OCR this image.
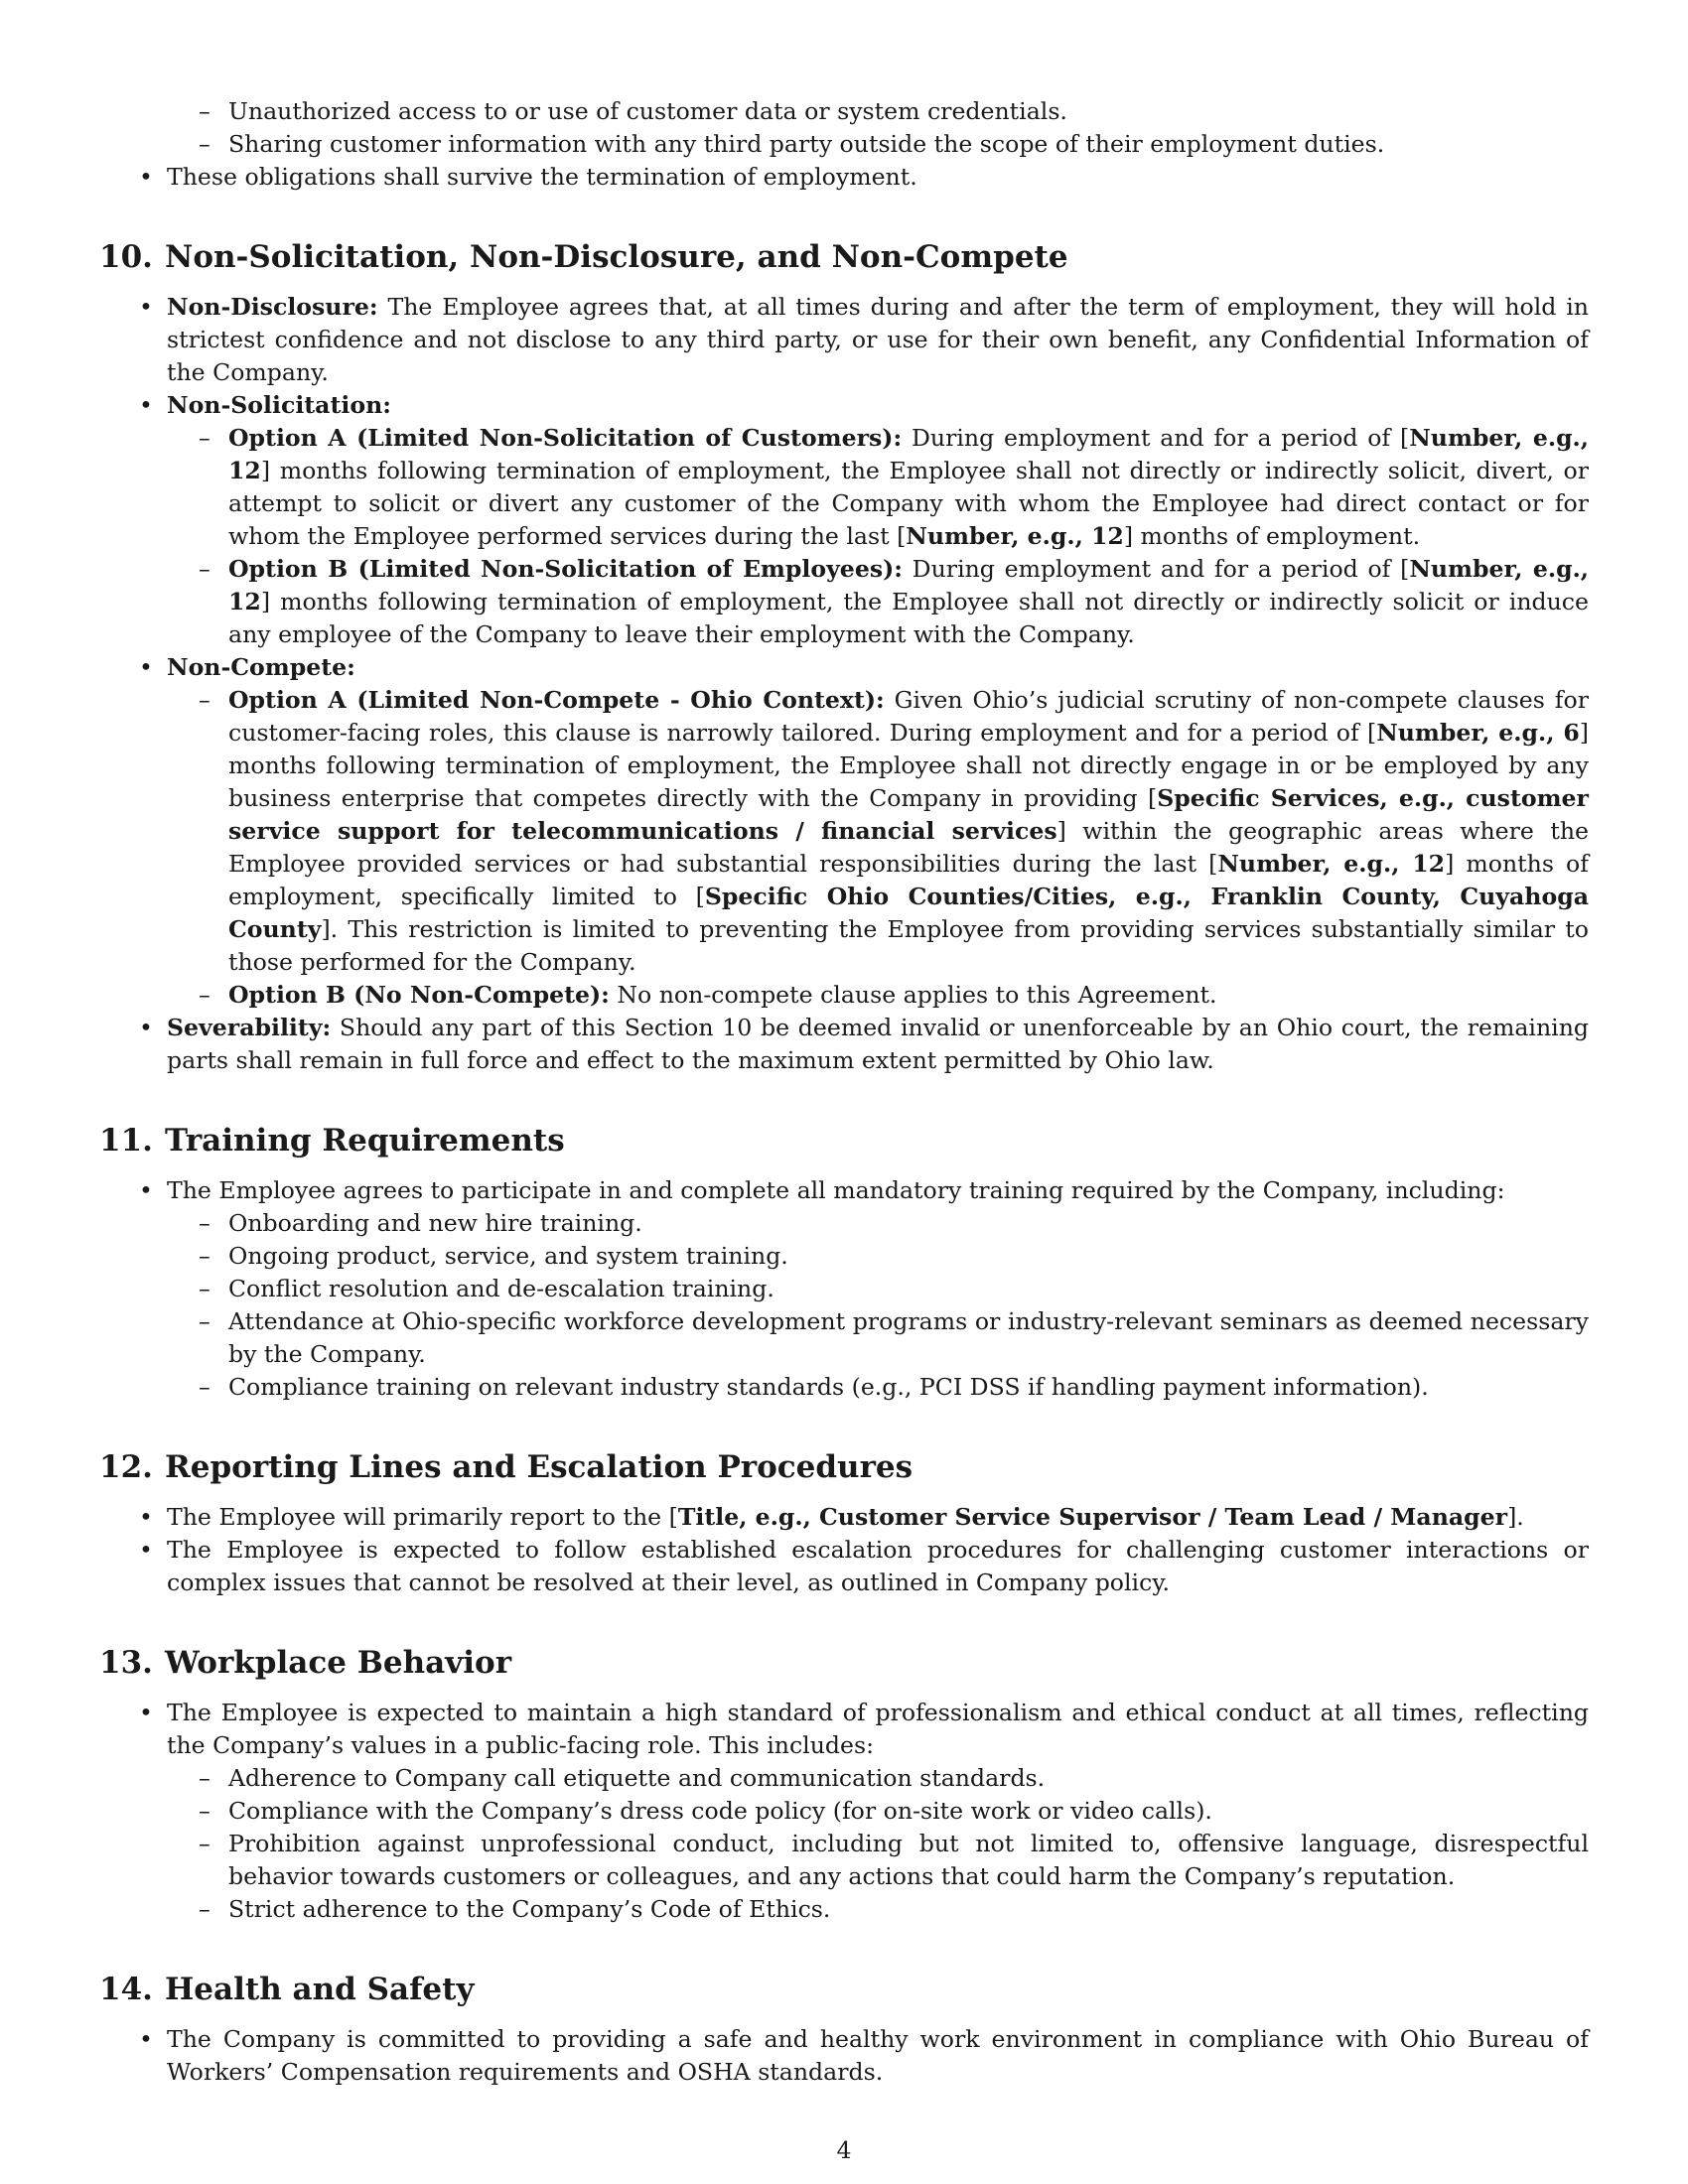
– Unauthorized access to or use of customer data or system credentials.
– Sharing customer information with any third party outside the scope of their employment duties.
• These obligations shall survive the termination of employment.
10. Non-Solicitation, Non-Disclosure, and Non-Compete
• Non-Disclosure: The Employee agrees that, at all times during and after the term of employment, they will hold in strictest confidence and not disclose to any third party, or use for their own benefit, any Confidential Information of the Company.
• Non-Solicitation:
– Option A (Limited Non-Solicitation of Customers): During employment and for a period of [Number, e.g., 12] months following termination of employment, the Employee shall not directly or indirectly solicit, divert, or attempt to solicit or divert any customer of the Company with whom the Employee had direct contact or for whom the Employee performed services during the last [Number, e.g., 12] months of employment.
– Option B (Limited Non-Solicitation of Employees): During employment and for a period of [Number, e.g., 12] months following termination of employment, the Employee shall not directly or indirectly solicit or induce any employee of the Company to leave their employment with the Company.
• Non-Compete:
– Option A (Limited Non-Compete - Ohio Context): Given Ohio’s judicial scrutiny of non-compete clauses for customer-facing roles, this clause is narrowly tailored. During employment and for a period of [Number, e.g., 6] months following termination of employment, the Employee shall not directly engage in or be employed by any business enterprise that competes directly with the Company in providing [Specific Services, e.g., customer service support for telecommunications / financial services] within the geographic areas where the Employee provided services or had substantial responsibilities during the last [Number, e.g., 12] months of employment, specifically limited to [Specific Ohio Counties/Cities, e.g., Franklin County, Cuyahoga County]. This restriction is limited to preventing the Employee from providing services substantially similar to those performed for the Company.
– Option B (No Non-Compete): No non-compete clause applies to this Agreement.
• Severability: Should any part of this Section 10 be deemed invalid or unenforceable by an Ohio court, the remaining parts shall remain in full force and effect to the maximum extent permitted by Ohio law.
11. Training Requirements
• The Employee agrees to participate in and complete all mandatory training required by the Company, including:
– Onboarding and new hire training.
– Ongoing product, service, and system training.
– Conflict resolution and de-escalation training.
– Attendance at Ohio-specific workforce development programs or industry-relevant seminars as deemed necessary by the Company.
– Compliance training on relevant industry standards (e.g., PCI DSS if handling payment information).
12. Reporting Lines and Escalation Procedures
• The Employee will primarily report to the [Title, e.g., Customer Service Supervisor / Team Lead / Manager].
• The Employee is expected to follow established escalation procedures for challenging customer interactions or complex issues that cannot be resolved at their level, as outlined in Company policy.
13. Workplace Behavior
• The Employee is expected to maintain a high standard of professionalism and ethical conduct at all times, reflecting the Company’s values in a public-facing role. This includes:
– Adherence to Company call etiquette and communication standards.
– Compliance with the Company’s dress code policy (for on-site work or video calls).
– Prohibition against unprofessional conduct, including but not limited to, offensive language, disrespectful behavior towards customers or colleagues, and any actions that could harm the Company’s reputation.
– Strict adherence to the Company’s Code of Ethics.
14. Health and Safety
• The Company is committed to providing a safe and healthy work environment in compliance with Ohio Bureau of Workers’ Compensation requirements and OSHA standards.
4
